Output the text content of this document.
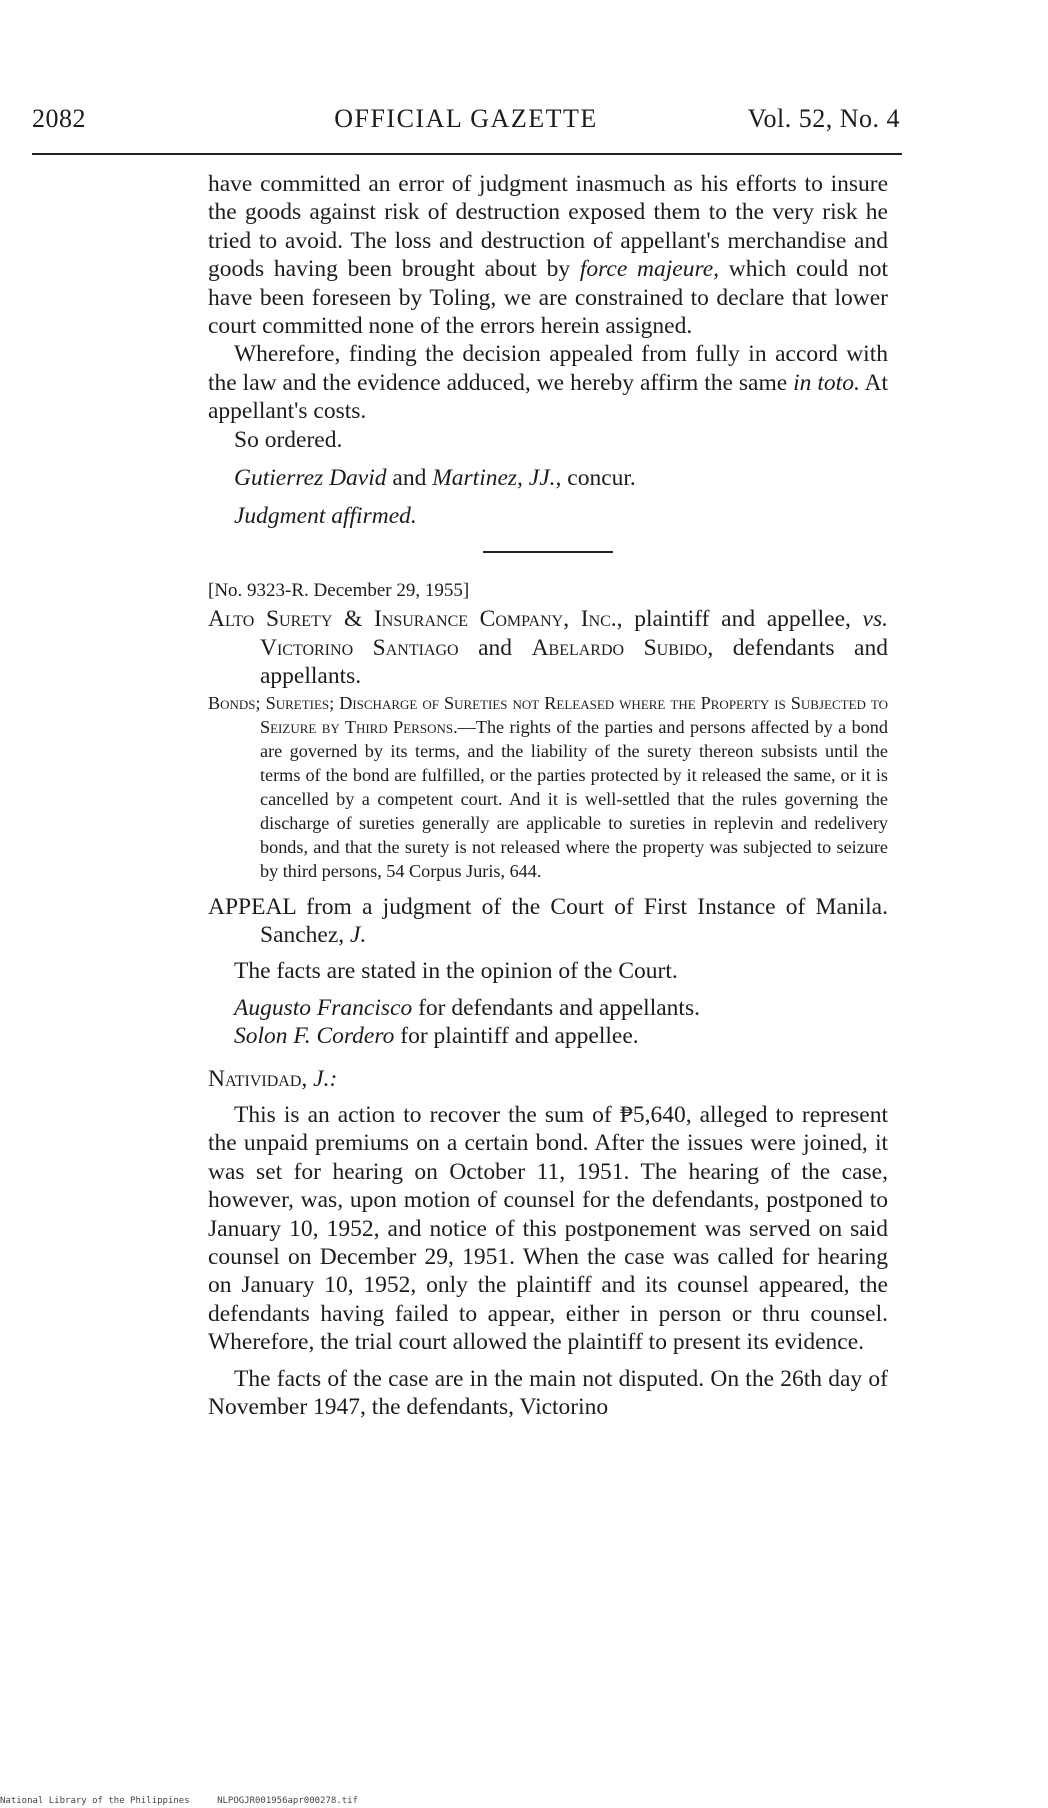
2082	OFFICIAL GAZETTE	Vol. 52, No. 4

have committed an error of judgment inasmuch as his efforts to insure the goods against risk of destruction exposed them to the very risk he tried to avoid. The loss and destruction of appellant's merchandise and goods having been brought about by force majeure, which could not have been foreseen by Toling, we are constrained to declare that lower court committed none of the errors herein assigned.

Wherefore, finding the decision appealed from fully in accord with the law and the evidence adduced, we hereby affirm the same in toto. At appellant's costs.

So ordered.

Gutierrez David and Martinez, JJ., concur.

Judgment affirmed.

[No. 9323-R. December 29, 1955]

Alto Surety & Insurance Company, Inc., plaintiff and appellee, vs. Victorino Santiago and Abelardo Subido, defendants and appellants.

Bonds; Sureties; Discharge of Sureties not Released where the Property is Subjected to Seizure by Third Persons.—The rights of the parties and persons affected by a bond are governed by its terms, and the liability of the surety thereon subsists until the terms of the bond are fulfilled, or the parties protected by it released the same, or it is cancelled by a competent court. And it is well-settled that the rules governing the discharge of sureties generally are applicable to sureties in replevin and redelivery bonds, and that the surety is not released where the property was subjected to seizure by third persons, 54 Corpus Juris, 644.

APPEAL from a judgment of the Court of First Instance of Manila. Sanchez, J.

The facts are stated in the opinion of the Court.

Augusto Francisco for defendants and appellants.

Solon F. Cordero for plaintiff and appellee.

Natividad, J.:

This is an action to recover the sum of ₱5,640, alleged to represent the unpaid premiums on a certain bond. After the issues were joined, it was set for hearing on October 11, 1951. The hearing of the case, however, was, upon motion of counsel for the defendants, postponed to January 10, 1952, and notice of this postponement was served on said counsel on December 29, 1951. When the case was called for hearing on January 10, 1952, only the plaintiff and its counsel appeared, the defendants having failed to appear, either in person or thru counsel. Wherefore, the trial court allowed the plaintiff to present its evidence.

The facts of the case are in the main not disputed. On the 26th day of November 1947, the defendants, Victorino

National Library of the Philippines	NLPOGJR001956apr000278.tif
